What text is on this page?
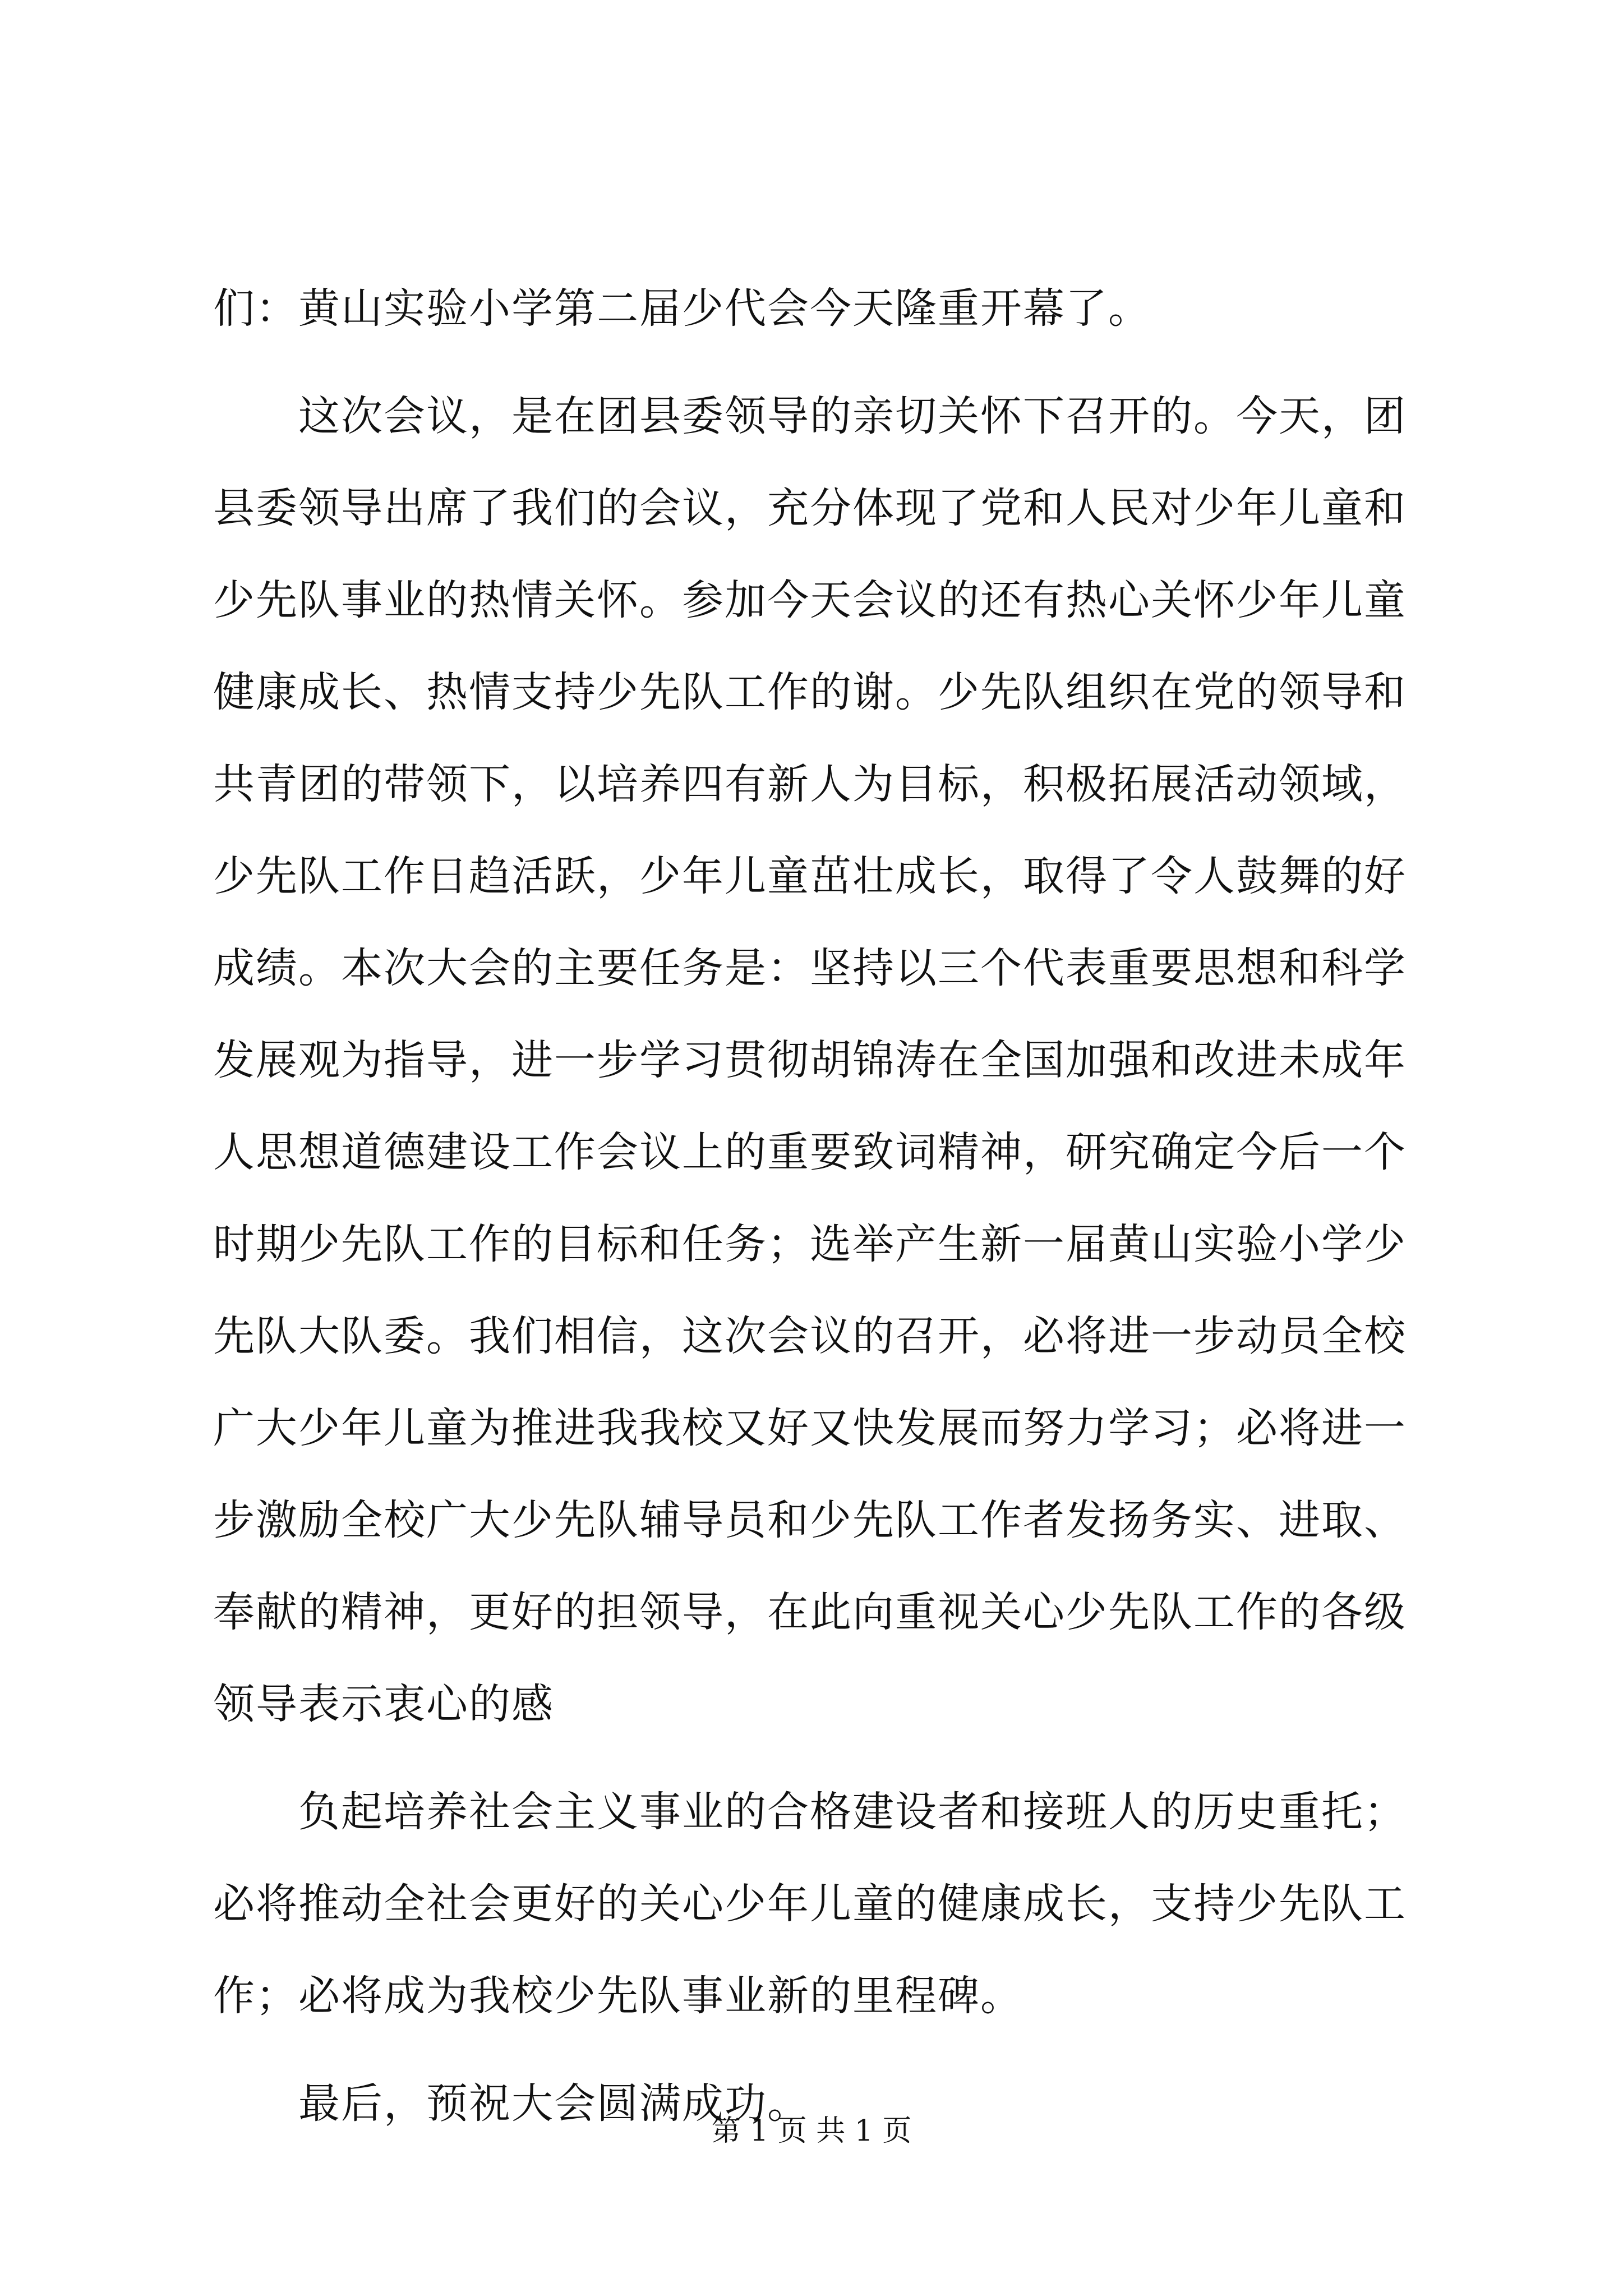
们：黄山实验小学第二届少代会今天隆重开幕了。
　　这次会议，是在团县委领导的亲切关怀下召开的。今天，团
县委领导出席了我们的会议，充分体现了党和人民对少年儿童和
少先队事业的热情关怀。参加今天会议的还有热心关怀少年儿童
健康成长、热情支持少先队工作的谢。少先队组织在党的领导和
共青团的带领下，以培养四有新人为目标，积极拓展活动领域，
少先队工作日趋活跃，少年儿童茁壮成长，取得了令人鼓舞的好
成绩。本次大会的主要任务是：坚持以三个代表重要思想和科学
发展观为指导，进一步学习贯彻胡锦涛在全国加强和改进未成年
人思想道德建设工作会议上的重要致词精神，研究确定今后一个
时期少先队工作的目标和任务；选举产生新一届黄山实验小学少
先队大队委。我们相信，这次会议的召开，必将进一步动员全校
广大少年儿童为推进我我校又好又快发展而努力学习；必将进一
步激励全校广大少先队辅导员和少先队工作者发扬务实、进取、
奉献的精神，更好的担领导，在此向重视关心少先队工作的各级
领导表示衷心的感
　　负起培养社会主义事业的合格建设者和接班人的历史重托；
必将推动全社会更好的关心少年儿童的健康成长，支持少先队工
作；必将成为我校少先队事业新的里程碑。
　　最后，预祝大会圆满成功。
第 1 页 共 1 页
